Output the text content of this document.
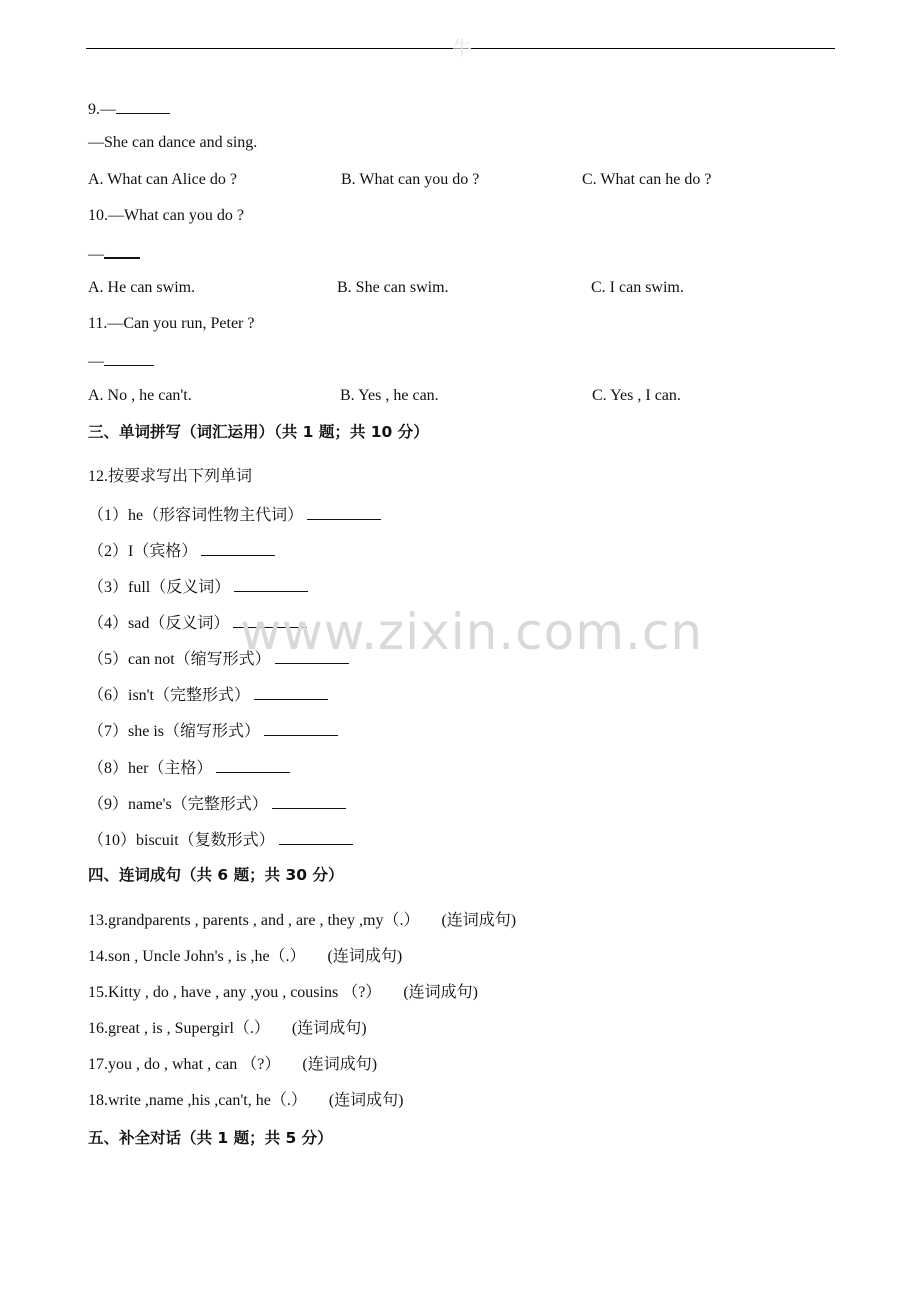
牛
9.—
—She can dance and sing.
A. What can Alice do ?	B. What can you do ?	C. What can he do ?
10.—What can you do ?
—
A. He can swim.	B. She can swim.	C. I can swim.
11.—Can you run, Peter ?
—
A. No , he can't.	B. Yes , he can.	C. Yes , I can.
三、单词拼写（词汇运用）（共 1 题；共 10 分）
12.按要求写出下列单词
（1）he（形容词性物主代词）
（2）I（宾格）
（3）full（反义词）
（4）sad（反义词）
（5）can not（缩写形式）
（6）isn't（完整形式）
（7）she is（缩写形式）
（8）her（主格）
（9）name's（完整形式）
（10）biscuit（复数形式）
四、连词成句（共 6 题；共 30 分）
13.grandparents , parents , and , are , they ,my（.） (连词成句)
14.son , Uncle John's , is ,he（.） (连词成句)
15.Kitty , do , have , any ,you , cousins （?） (连词成句)
16.great , is , Supergirl（.） (连词成句)
17.you , do , what , can （?） (连词成句)
18.write ,name ,his ,can't, he（.） (连词成句)
五、补全对话（共 1 题；共 5 分）
www.zixin.com.cn
